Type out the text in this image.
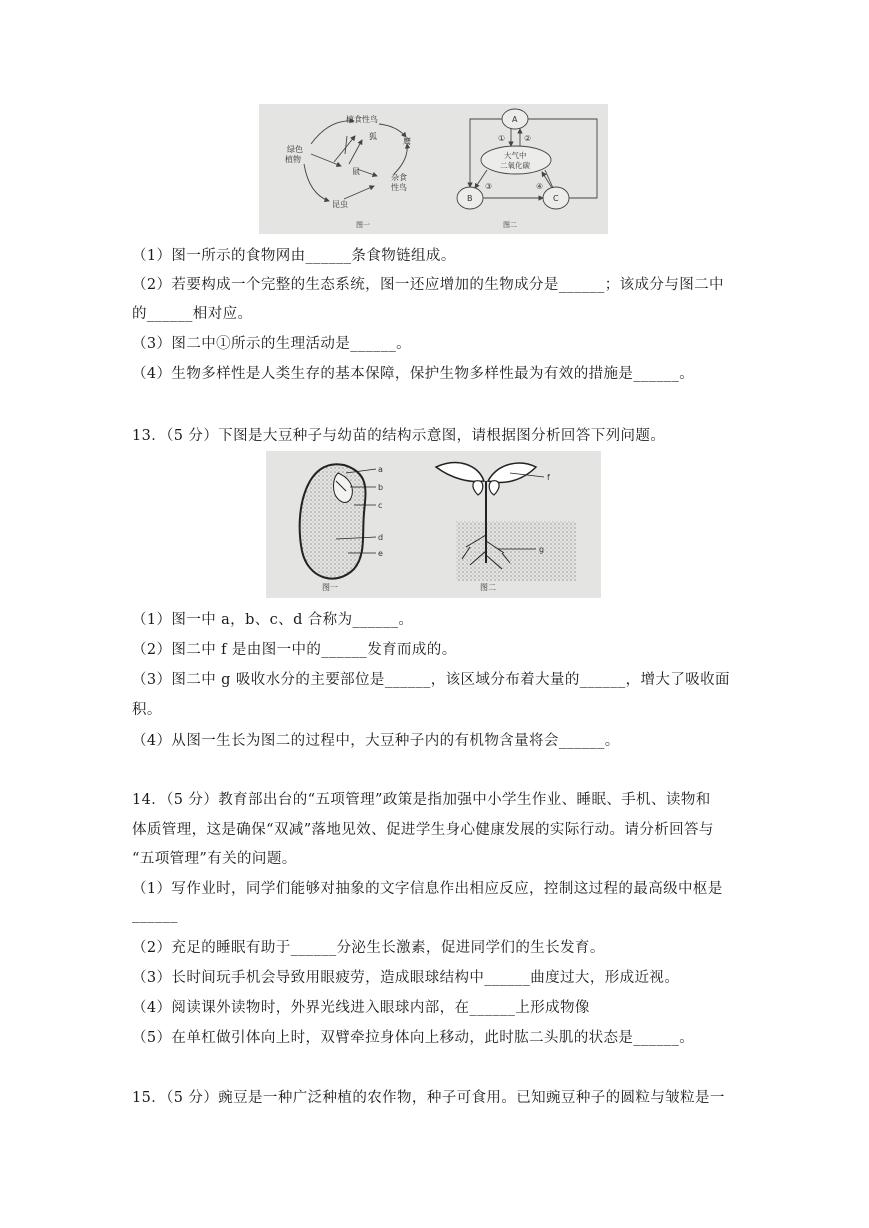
植食性鸟
狐
鹰
绿色
植物
鼠
杂食
性鸟
昆虫
图一
A
B	C
大气中
二氧化碳
① ②
③	④
图二
（1）图一所示的食物网由______条食物链组成。
（2）若要构成一个完整的生态系统，图一还应增加的生物成分是______；该成分与图二中
的______相对应。
（3）图二中①所示的生理活动是______。
（4）生物多样性是人类生存的基本保障，保护生物多样性最为有效的措施是______。
13．（5 分）下图是大豆种子与幼苗的结构示意图，请根据图分析回答下列问题。
a
b
c
d
e
图一
f
g
图二
（1）图一中 a，b、c、d 合称为______。
（2）图二中 f 是由图一中的______发育而成的。
（3）图二中 g 吸收水分的主要部位是______，该区域分布着大量的______，增大了吸收面
积。
（4）从图一生长为图二的过程中，大豆种子内的有机物含量将会______。
14．（5 分）教育部出台的“五项管理”政策是指加强中小学生作业、睡眠、手机、读物和
体质管理，这是确保“双减”落地见效、促进学生身心健康发展的实际行动。请分析回答与
“五项管理”有关的问题。
（1）写作业时，同学们能够对抽象的文字信息作出相应反应，控制这过程的最高级中枢是
______
（2）充足的睡眠有助于______分泌生长激素，促进同学们的生长发育。
（3）长时间玩手机会导致用眼疲劳，造成眼球结构中______曲度过大，形成近视。
（4）阅读课外读物时，外界光线进入眼球内部，在______上形成物像
（5）在单杠做引体向上时，双臂牵拉身体向上移动，此时肱二头肌的状态是______。
15．（5 分）豌豆是一种广泛种植的农作物，种子可食用。已知豌豆种子的圆粒与皱粒是一
